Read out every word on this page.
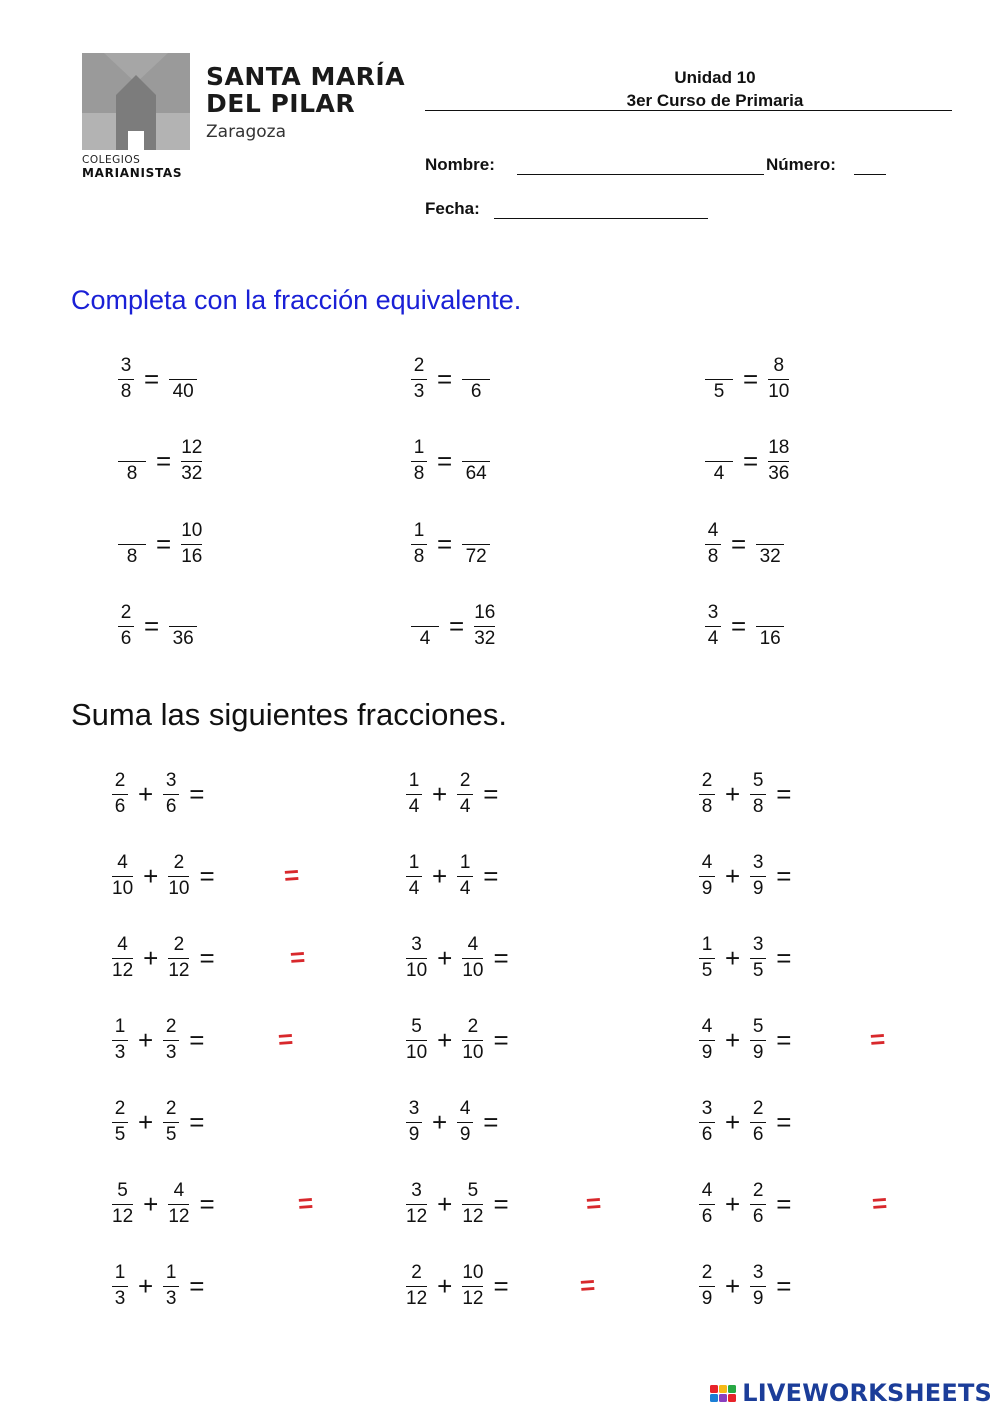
SANTA MARÍA
DEL PILAR
Zaragoza
COLEGIOS
MARIANISTAS
Unidad 10
3er Curso de Primaria
Nombre:	Número:
Fecha:
Completa con la fracción equivalente.
$\frac{3}{8} = 40$	$\frac{2}{3} = 6$	$5 = \frac{8}{10}$
$8 = \frac{12}{32}$	$\frac{1}{8} = 64$	$4 = \frac{18}{36}$
$8 = \frac{10}{16}$	$\frac{1}{8} = 72$	$\frac{4}{8} = 32$
$\frac{2}{6} = 36$	$4 = \frac{16}{32}$	$\frac{3}{4} = 16$
Suma las siguientes fracciones.
$\frac{2}{6} + \frac{3}{6}$ =	$\frac{1}{4} + \frac{2}{4}$ =	$\frac{2}{8} + \frac{5}{8}$ =
$\frac{4}{10} + \frac{2}{10}$ =	=	$\frac{1}{4} + \frac{1}{4}$ =	$\frac{4}{9} + \frac{3}{9}$ =
$\frac{4}{12} + \frac{2}{12}$ =	=	$\frac{3}{10} + \frac{4}{10}$ =	$\frac{1}{5} + \frac{3}{5}$ =
$\frac{1}{3} + \frac{2}{3}$ =	=	$\frac{5}{10} + \frac{2}{10}$ =	$\frac{4}{9} + \frac{5}{9}$ =	=
$\frac{2}{5} + \frac{2}{5}$ =	$\frac{3}{9} + \frac{4}{9}$ =	$\frac{3}{6} + \frac{2}{6}$ =
$\frac{5}{12} + \frac{4}{12}$ =	=	$\frac{3}{12} + \frac{5}{12}$ =	=	$\frac{4}{6} + \frac{2}{6}$ =	=
$\frac{1}{3} + \frac{1}{3}$ =	$\frac{2}{12} + \frac{10}{12}$ =	=	$\frac{2}{9} + \frac{3}{9}$ =
LIVEWORKSHEETS
